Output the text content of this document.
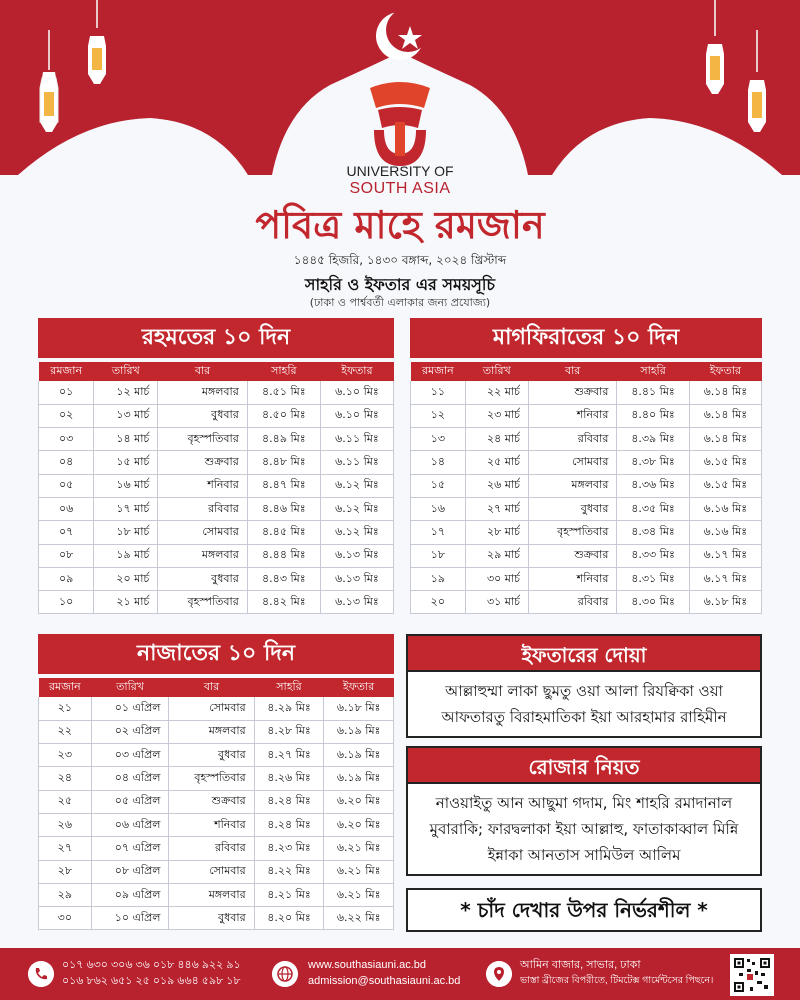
UNIVERSITY OF
SOUTH ASIA
পবিত্র মাহে রমজান
১৪৪৫ হিজরি, ১৪৩০ বঙ্গাব্দ, ২০২৪ খ্রিস্টাব্দ
সাহরি ও ইফতার এর সময়সূচি
(ঢাকা ও পার্শ্ববর্তী এলাকার জন্য প্রযোজ্য)
রহমতের ১০ দিন
রমজান	তারিখ	বার	সাহরি	ইফতার
০১	১২ মার্চ	মঙ্গলবার	৪.৫১ মিঃ	৬.১০ মিঃ
০২	১৩ মার্চ	বুধবার	৪.৫০ মিঃ	৬.১০ মিঃ
০৩	১৪ মার্চ	বৃহস্পতিবার	৪.৪৯ মিঃ	৬.১১ মিঃ
০৪	১৫ মার্চ	শুক্রবার	৪.৪৮ মিঃ	৬.১১ মিঃ
০৫	১৬ মার্চ	শনিবার	৪.৪৭ মিঃ	৬.১২ মিঃ
০৬	১৭ মার্চ	রবিবার	৪.৪৬ মিঃ	৬.১২ মিঃ
০৭	১৮ মার্চ	সোমবার	৪.৪৫ মিঃ	৬.১২ মিঃ
০৮	১৯ মার্চ	মঙ্গলবার	৪.৪৪ মিঃ	৬.১৩ মিঃ
০৯	২০ মার্চ	বুধবার	৪.৪৩ মিঃ	৬.১৩ মিঃ
১০	২১ মার্চ	বৃহস্পতিবার	৪.৪২ মিঃ	৬.১৩ মিঃ
মাগফিরাতের ১০ দিন
রমজান	তারিখ	বার	সাহরি	ইফতার
১১	২২ মার্চ	শুক্রবার	৪.৪১ মিঃ	৬.১৪ মিঃ
১২	২৩ মার্চ	শনিবার	৪.৪০ মিঃ	৬.১৪ মিঃ
১৩	২৪ মার্চ	রবিবার	৪.৩৯ মিঃ	৬.১৪ মিঃ
১৪	২৫ মার্চ	সোমবার	৪.৩৮ মিঃ	৬.১৫ মিঃ
১৫	২৬ মার্চ	মঙ্গলবার	৪.৩৬ মিঃ	৬.১৫ মিঃ
১৬	২৭ মার্চ	বুধবার	৪.৩৫ মিঃ	৬.১৬ মিঃ
১৭	২৮ মার্চ	বৃহস্পতিবার	৪.৩৪ মিঃ	৬.১৬ মিঃ
১৮	২৯ মার্চ	শুক্রবার	৪.৩৩ মিঃ	৬.১৭ মিঃ
১৯	৩০ মার্চ	শনিবার	৪.৩১ মিঃ	৬.১৭ মিঃ
২০	৩১ মার্চ	রবিবার	৪.৩০ মিঃ	৬.১৮ মিঃ
নাজাতের ১০ দিন
রমজান	তারিখ	বার	সাহরি	ইফতার
২১	০১ এপ্রিল	সোমবার	৪.২৯ মিঃ	৬.১৮ মিঃ
২২	০২ এপ্রিল	মঙ্গলবার	৪.২৮ মিঃ	৬.১৯ মিঃ
২৩	০৩ এপ্রিল	বুধবার	৪.২৭ মিঃ	৬.১৯ মিঃ
২৪	০৪ এপ্রিল	বৃহস্পতিবার	৪.২৬ মিঃ	৬.১৯ মিঃ
২৫	০৫ এপ্রিল	শুক্রবার	৪.২৪ মিঃ	৬.২০ মিঃ
২৬	০৬ এপ্রিল	শনিবার	৪.২৪ মিঃ	৬.২০ মিঃ
২৭	০৭ এপ্রিল	রবিবার	৪.২৩ মিঃ	৬.২১ মিঃ
২৮	০৮ এপ্রিল	সোমবার	৪.২২ মিঃ	৬.২১ মিঃ
২৯	০৯ এপ্রিল	মঙ্গলবার	৪.২১ মিঃ	৬.২১ মিঃ
৩০	১০ এপ্রিল	বুধবার	৪.২০ মিঃ	৬.২২ মিঃ
ইফতারের দোয়া
আল্লাহুম্মা লাকা ছুমতু ওয়া আলা রিযক্বিকা ওয়া
আফতারতু বিরাহমাতিকা ইয়া আরহামার রাহিমীন
রোজার নিয়ত
নাওয়াইতু আন আছুমা গদাম, মিং শাহরি রমাদানাল
মুবারাকি; ফারদ্বলাকা ইয়া আল্লাহু, ফাতাকাব্বাল মিন্নি
ইন্নাকা আনতাস সামিউল আলিম
* চাঁদ দেখার উপর নির্ভরশীল *
০১৭ ৬৩০ ৩০৬ ৩৬ ০১৮ ৪৪৬ ৯২২ ৯১
০১৬ ৮৬২ ৬৫১ ২৫ ০১৯ ৬৬৪ ৫৯৮ ১৮
www.southasiauni.ac.bd
admission@southasiauni.ac.bd
আমিন বাজার, সাভার, ঢাকা
ভাস্তা ব্রীজের বিপরীতে, টিমটেক্স গার্মেন্টসের পিছনে।
